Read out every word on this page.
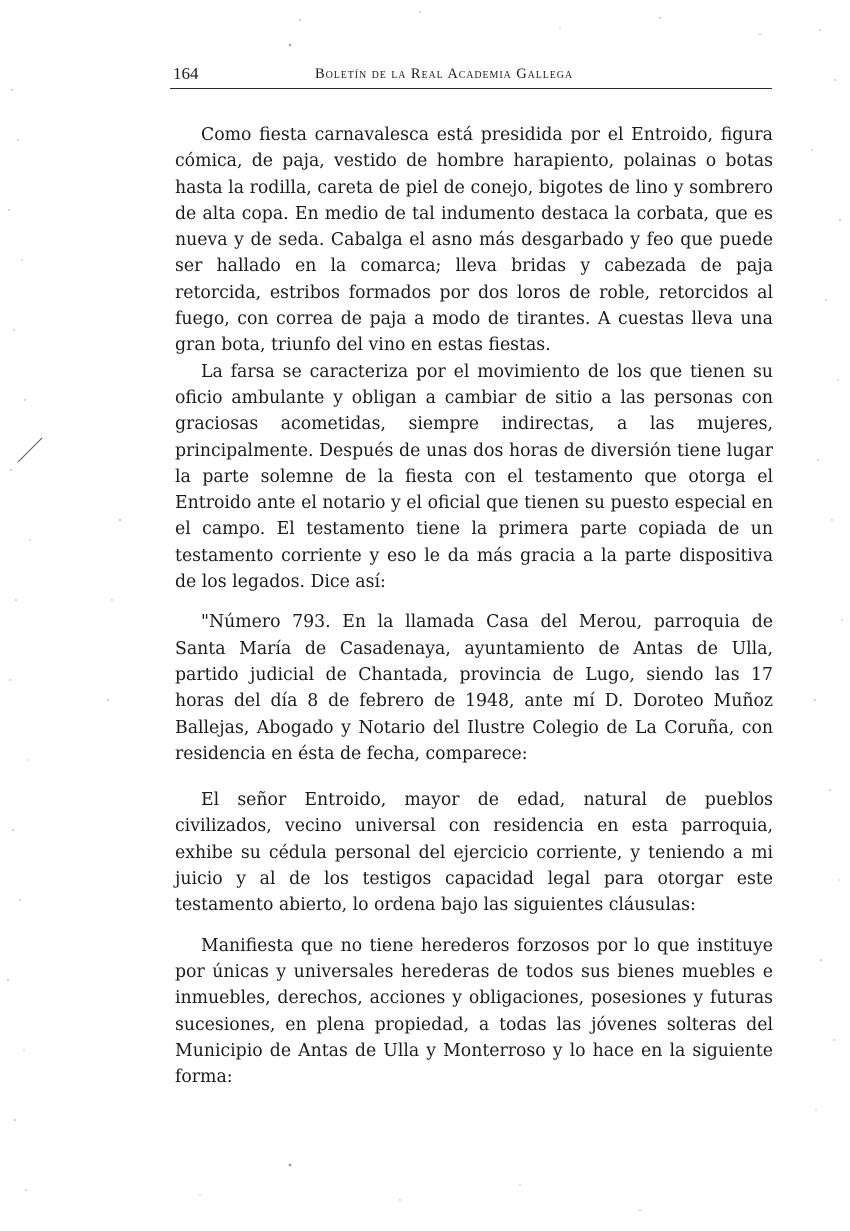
164	Boletín de la Real Academia Gallega

Como fiesta carnavalesca está presidida por el Entroido, figura cómica, de paja, vestido de hombre harapiento, polainas o botas hasta la rodilla, careta de piel de conejo, bigotes de lino y sombrero de alta copa. En medio de tal indumento destaca la corbata, que es nueva y de seda. Cabalga el asno más desgarbado y feo que puede ser hallado en la comarca; lleva bridas y cabezada de paja retorcida, estribos formados por dos loros de roble, retorcidos al fuego, con correa de paja a modo de tirantes. A cuestas lleva una gran bota, triunfo del vino en estas fiestas.

La farsa se caracteriza por el movimiento de los que tienen su oficio ambulante y obligan a cambiar de sitio a las personas con graciosas acometidas, siempre indirectas, a las mujeres, principalmente. Después de unas dos horas de diversión tiene lugar la parte solemne de la fiesta con el testamento que otorga el Entroido ante el notario y el oficial que tienen su puesto especial en el campo. El testamento tiene la primera parte copiada de un testamento corriente y eso le da más gracia a la parte dispositiva de los legados. Dice así:

"Número 793. En la llamada Casa del Merou, parroquia de Santa María de Casadenaya, ayuntamiento de Antas de Ulla, partido judicial de Chantada, provincia de Lugo, siendo las 17 horas del día 8 de febrero de 1948, ante mí D. Doroteo Muñoz Ballejas, Abogado y Notario del Ilustre Colegio de La Coruña, con residencia en ésta de fecha, comparece:

El señor Entroido, mayor de edad, natural de pueblos civilizados, vecino universal con residencia en esta parroquia, exhibe su cédula personal del ejercicio corriente, y teniendo a mi juicio y al de los testigos capacidad legal para otorgar este testamento abierto, lo ordena bajo las siguientes cláusulas:

Manifiesta que no tiene herederos forzosos por lo que instituye por únicas y universales herederas de todos sus bienes muebles e inmuebles, derechos, acciones y obligaciones, posesiones y futuras sucesiones, en plena propiedad, a todas las jóvenes solteras del Municipio de Antas de Ulla y Monterroso y lo hace en la siguiente forma:
